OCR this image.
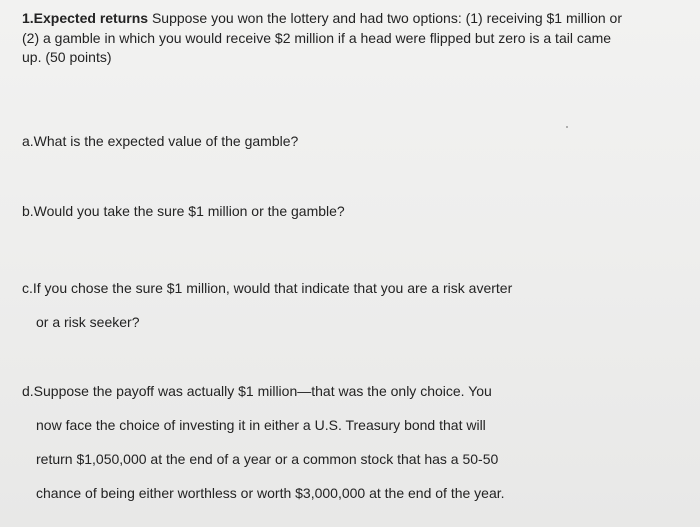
1.Expected returns Suppose you won the lottery and had two options: (1) receiving $1 million or
(2) a gamble in which you would receive $2 million if a head were flipped but zero is a tail came
up. (50 points)

a.What is the expected value of the gamble?

b.Would you take the sure $1 million or the gamble?

c.If you chose the sure $1 million, would that indicate that you are a risk averter
or a risk seeker?

d.Suppose the payoff was actually $1 million—that was the only choice. You
now face the choice of investing it in either a U.S. Treasury bond that will
return $1,050,000 at the end of a year or a common stock that has a 50-50
chance of being either worthless or worth $3,000,000 at the end of the year.
